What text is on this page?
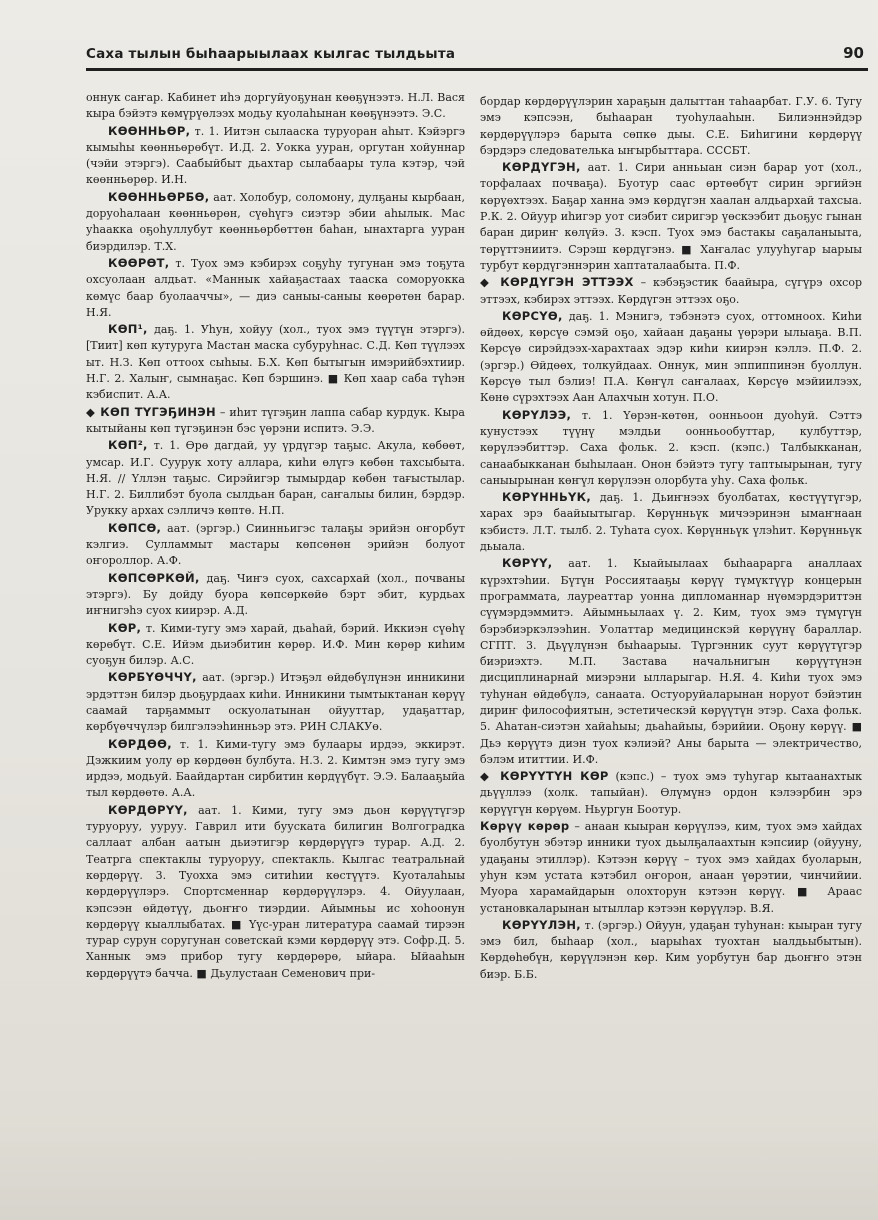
Саха тылын быhаарыылаах кылгас тылдьыта	90

оннук саҥар. Кабинет иhэ доргуйуоҕунан көөҕүнээтэ. Н.Л. Вася кыра бэйэтэ көмүрүөлээх модьу куолаhынан көөҕүнээтэ. Э.С.

КӨӨННЬӨР, т. 1. Иитэн сылааска туруоран аhыт. Кэйэргэ кымыhы көөнньөрөбүт. И.Д. 2. Уокка ууран, оргутан хойуннар (чэйи этэргэ). Саабыйбыт дьахтар сылабаары тула кэтэр, чэй көөнньөрөр. И.Н.

КӨӨННЬӨРБӨ, аат. Холобур, соломону, дулҕаны кырбаан, доруоhалаан көөнньөрөн, сүөhүгэ сиэтэр эбии аhылык. Мас уhаакка оҕоhуллубут көөнньөрбөттөн баhан, ынахтарга ууран биэрдилэр. Т.Х.

КӨӨРӨТ, т. Туох эмэ кэбирэх соҕуhу тугунан эмэ тоҕута охсуолаан алдьат. «Маннык хайаҕастаах тааска соморуокка көмүс баар буолааччы», — диэ саныы-саныы көөрөтөн барар. Н.Я.

КӨП¹, даҕ. 1. Уhун, хойуу (хол., туох эмэ түүтүн этэргэ). [Тиит] көп кутуруга Мастан маска субуруhнас. С.Д. Көп түүлээх ыт. Н.З. Көп оттоох сыhыы. Б.Х. Көп бытыгын имэрийбэхтиир. Н.Г. 2. Халыҥ, сымнаҕас. Көп бэршинэ. ■ Көп хаар саба түhэн кэбиспит. А.А.

◆ КӨП ТҮГЭҔИНЭН – иhит түгэҕин лаппа сабар курдук. Кыра кытыйаны көп түгэҕинэн бэс үөрэни испитэ. Э.Э.

КӨП², т. 1. Өрө дагдай, уу үрдүгэр таҕыс. Акула, көбөөт, умсар. И.Г. Суурук хоту аллара, киhи өлүгэ көбөн тахсыбыта. Н.Я. // Үллэн таҕыс. Сирэйигэр тымырдар көбөн тағыстылар. Н.Г. 2. Биллибэт буола сылдьан баран, саҥалыы билин, бэрдэр. Урукку архах сэлличэ көптө. Н.П.

КӨПСӨ, аат. (эргэр.) Сиинньигэс талаҕы эрийэн оҥорбут кэлгиэ. Сулламмыт мастары көпсөнөн эрийэн болуот оҥороллор. А.Ф.

КӨПСӨРКӨЙ, даҕ. Чиҥэ суох, сахсархай (хол., почваны этэргэ). Бу дойду буора көпсөркөйө бэрт эбит, курдьах иҥнигэhэ суох киирэр. А.Д.

КӨР, т. Кими-тугу эмэ харай, дьаhай, бэрий. Иккиэн сүөhү көрөбүт. С.Е. Ийэм дьиэбитин көрөр. И.Ф. Мин көрөр киhим суоҕун билэр. А.С.

КӨРБҮӨЧЧҮ, аат. (эргэр.) Итэҕэл өйдөбүлүнэн инникини эрдэттэн билэр дьоҕурдаах киhи. Инникини тымтыктанан көрүү саамай тарҕаммыт оскуолатынан ойууттар, удаҕаттар, көрбүөччүлэр билгэлээhинньэр этэ. РИН СЛАКУө.

КӨРДӨӨ, т. 1. Кими-тугу эмэ булаары ирдээ, эккирэт. Дэжкиим уолу өр көрдөөн булбута. Н.З. 2. Кимтэн эмэ тугу эмэ ирдээ, модьуй. Баайдартан сирбитин көрдүүбүт. Э.Э. Балааҕыйа тыл көрдөөтө. А.А.

КӨРДӨРҮҮ, аат. 1. Кими, тугу эмэ дьон көрүүтүгэр туруоруу, ууруу. Гаврил ити бууската билигин Волгоградка саллаат албан аатын дьиэтигэр көрдөрүүгэ турар. А.Д. 2. Театрга спектаклы туруоруу, спектакль. Кылгас театральнай көрдөрүү. 3. Туохха эмэ ситиhии көстүүтэ. Куоталаhыы көрдөрүүлэрэ. Спортсменнар көрдөрүүлэрэ. 4. Ойуулаан, кэпсээн өйдөтүү, дьоҥҥо тиэрдии. Айымньы ис хоhоонун көрдөрүү кыаллыбатах. ■ Үүс-уран литература саамай тирээн турар сурун соругунан советскай кэми көрдөрүү этэ. Софр.Д. 5. Ханнык эмэ прибор тугу көрдөрөрө, ыйара. Ыйааhын көрдөрүүтэ бачча. ■ Дьулустаан Семенович при-

бордар көрдөрүүлэрин хараҕын далыттан таhаарбат. Г.У. 6. Тугу эмэ кэпсээн, быhааран туоhулааhын. Билиэннэйдэр көрдөрүүлэрэ барыта сөпкө дыы. С.Е. Биhигини көрдөрүү бэрдэрэ следователька ыҥырбыттара. СССБТ.

КӨРДҮГЭН, аат. 1. Сири анньыан сиэн барар уот (хол., торфалаах почваҕа). Буотур саас өртөөбүт сирин эргийэн көрүөхтээх. Баҕар ханна эмэ көрдүгэн хаалан алдьархай тахсыа. Р.К. 2. Ойуур иhигэр уот сиэбит сиригэр үөскээбит дьоҕус гынан баран дириҥ көлүйэ. 3. кэсп. Туох эмэ бастакы саҕаланыыта, төрүттэниитэ. Сэрэш көрдүгэнэ. ■ Хаҥалас улууhугар ыарыы турбут көрдүгэннэрин хаптаталаабыта. П.Ф.

◆ КӨРДҮГЭН ЭТТЭЭХ – кэбэҕэстик баайыра, сүгүрэ охсор эттээх, кэбирэх эттээх. Көрдүгэн эттээх оҕо.

КӨРСҮӨ, даҕ. 1. Мэнигэ, тэбэнэтэ суох, оттомноох. Киhи өйдөөх, көрсүө сэмэй оҕо, хайаан даҕаны үөрэри ылыаҕа. В.П. Көрсүө сирэйдээх-харахтаах эдэр киhи киирэн кэллэ. П.Ф. 2. (эргэр.) Өйдөөх, толкуйдаах. Оннук, мин эппиппинэн буоллун. Көрсүө тыл бэлиэ! П.А. Көҥүл саҥалаах, Көрсүө мэйиилээх, Көнө сүрэхтээх Аан Алахчын хотун. П.О.

КӨРҮЛЭЭ, т. 1. Үөрэн-көтөн, оонньоон дуоhуй. Сэттэ кунустээх түүнү мэлдьи оонньообуттар, кулбуттэр, көрүлээбиттэр. Саха фольк. 2. кэсп. (кэпс.) Талбыкканан, санаабыкканан быhылаан. Онон бэйэтэ тугу таптыырынан, тугу саныырынан көҥүл көрүлээн олорбута уhу. Саха фольк.

КӨРҮННЬҮК, даҕ. 1. Дьиҥнээх буолбатах, көстүүтүгэр, харах эрэ баайыытыгар. Көрүнньүк мичээринэн ымаҥнаан кэбистэ. Л.Т. тылб. 2. Туhата суох. Көрүнньүк үлэhит. Көрүнньүк дьыала.

КӨРҮҮ, аат. 1. Кыайыылаах быhаарарга аналлаах күрэхтэhии. Бүтүн Россиятааҕы көрүү түмүктүүр концерын программата, лауреаттар уонна дипломаннар нүөмэрдэриттэн сүүмэрдэммитэ. Айымньылаах ү. 2. Ким, туох эмэ түмүгүн бэрэбиэркэлээhин. Уолаттар медицинскэй көрүүнү бараллар. СГПТ. 3. Дьүүлүнэн быhаарыы. Түргэнник суут көрүүтүгэр биэриэхтэ. М.П. Застава начальнигын көрүүтүнэн дисциплинарнай миэрэни ылларыгар. Н.Я. 4. Киhи туох эмэ туhунан өйдөбүлэ, санаата. Остуоруйаларынан норуот бэйэтин дириҥ философиятын, эстетическэй көрүүтүн этэр. Саха фольк. 5. Аhатан-сиэтэн хайаhыы; дьаhайыы, бэрийии. Оҕону көрүү. ■ Дьэ көрүүтэ диэн туох кэлиэй? Аны барыта — электричество, бэлэм ититтии. И.Ф.

◆ КӨРҮҮТҮН КӨР (кэпс.) – туох эмэ туhугар кытаанахтык дьүүллээ (холк. тапыйан). Өлүмүнэ ордон кэлээрбин эрэ көрүүгүн көрүөм. Ньургун Боотур.

Көрүү көрөр – анаан кыыран көрүүлээ, ким, туох эмэ хайдах буолбутун эбэтэр инники туох дьылҕалаахтын кэпсиир (ойууну, удаҕаны этиллэр). Кэтээн көрүү – туох эмэ хайдах буоларын, уhун кэм устата кэтэбил оҥорон, анаан үөрэтии, чинчийии. Муора харамайдарын олохторун кэтээн көрүү. ■ Араас установкаларынан ытыллар кэтээн көрүүлэр. В.Я.

КӨРҮҮЛЭН, т. (эргэр.) Ойуун, удаҕан туhунан: кыыран тугу эмэ бил, быhаар (хол., ыарыhах туохтан ыалдьыбытын). Көрдөhөбүн, көрүүлэнэн көр. Ким уорбутун бар дьоҥҥо этэн биэр. Б.Б.
